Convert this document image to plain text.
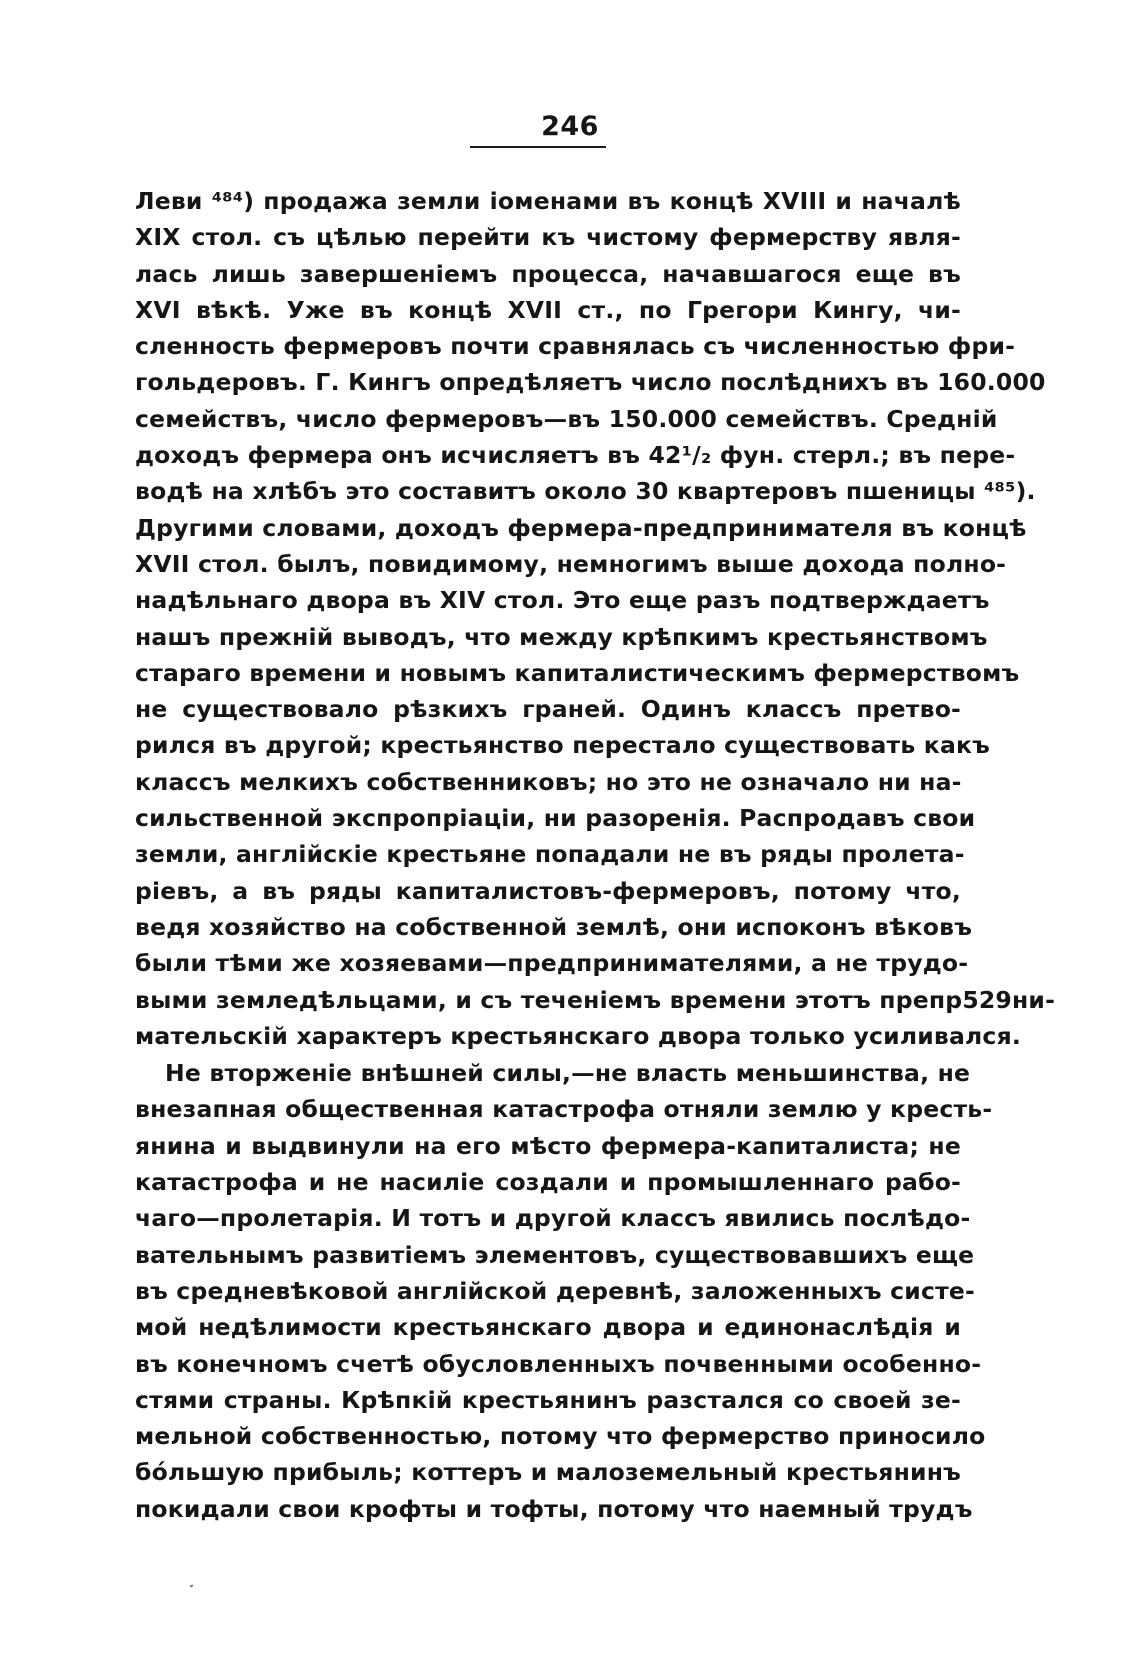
246
Леви ⁴⁸⁴) продажа земли iоменами въ концѣ XVIII и началѣ
XIX стол. съ цѣлью перейти къ чистому фермерству явля-
лась лишь завершенiемъ процесса, начавшагося еще въ
XVI вѣкѣ. Уже въ концѣ XVII ст., по Грегори Кингу, чи-
сленность фермеровъ почти сравнялась съ численностью фри-
гольдеровъ. Г. Кингъ опредѣляетъ число послѣднихъ въ 160.000
семействъ, число фермеровъ—въ 150.000 семействъ. Среднiй
доходъ фермера онъ исчисляетъ въ 42¹/₂ фун. стерл.; въ пере-
водѣ на хлѣбъ это составитъ около 30 квартеровъ пшеницы ⁴⁸⁵).
Другими словами, доходъ фермера-предпринимателя въ концѣ
XVII стол. былъ, повидимому, немногимъ выше дохода полно-
надѣльнаго двора въ XIV стол. Это еще разъ подтверждаетъ
нашъ прежнiй выводъ, что между крѣпкимъ крестьянствомъ
стараго времени и новымъ капиталистическимъ фермерствомъ
не существовало рѣзкихъ граней. Одинъ классъ претво-
рился въ другой; крестьянство перестало существовать какъ
классъ мелкихъ собственниковъ; но это не означало ни на-
сильственной экспропрiацiи, ни разоренiя. Распродавъ свои
земли, англiйскiе крестьяне попадали не въ ряды пролета-
рiевъ, а въ ряды капиталистовъ-фермеровъ, потому что,
ведя хозяйство на собственной землѣ, они испоконъ вѣковъ
были тѣми же хозяевами—предпринимателями, а не трудо-
выми земледѣльцами, и съ теченiемъ времени этотъ препр529ни-
мательскiй характеръ крестьянскаго двора только усиливался.
Не вторженiе внѣшней силы,—не власть меньшинства, не
внезапная общественная катастрофа отняли землю у кресть-
янина и выдвинули на его мѣсто фермера-капиталиста; не
катастрофа и не насилiе создали и промышленнаго рабо-
чаго—пролетарiя. И тотъ и другой классъ явились послѣдо-
вательнымъ развитiемъ элементовъ, существовавшихъ еще
въ средневѣковой англiйской деревнѣ, заложенныхъ систе-
мой недѣлимости крестьянскаго двора и единонаслѣдiя и
въ конечномъ счетѣ обусловленныхъ почвенными особенно-
стями страны. Крѣпкiй крестьянинъ разстался со своей зе-
мельной собственностью, потому что фермерство приносило
бóльшую прибыль; коттеръ и малоземельный крестьянинъ
покидали свои крофты и тофты, потому что наемный трудъ
